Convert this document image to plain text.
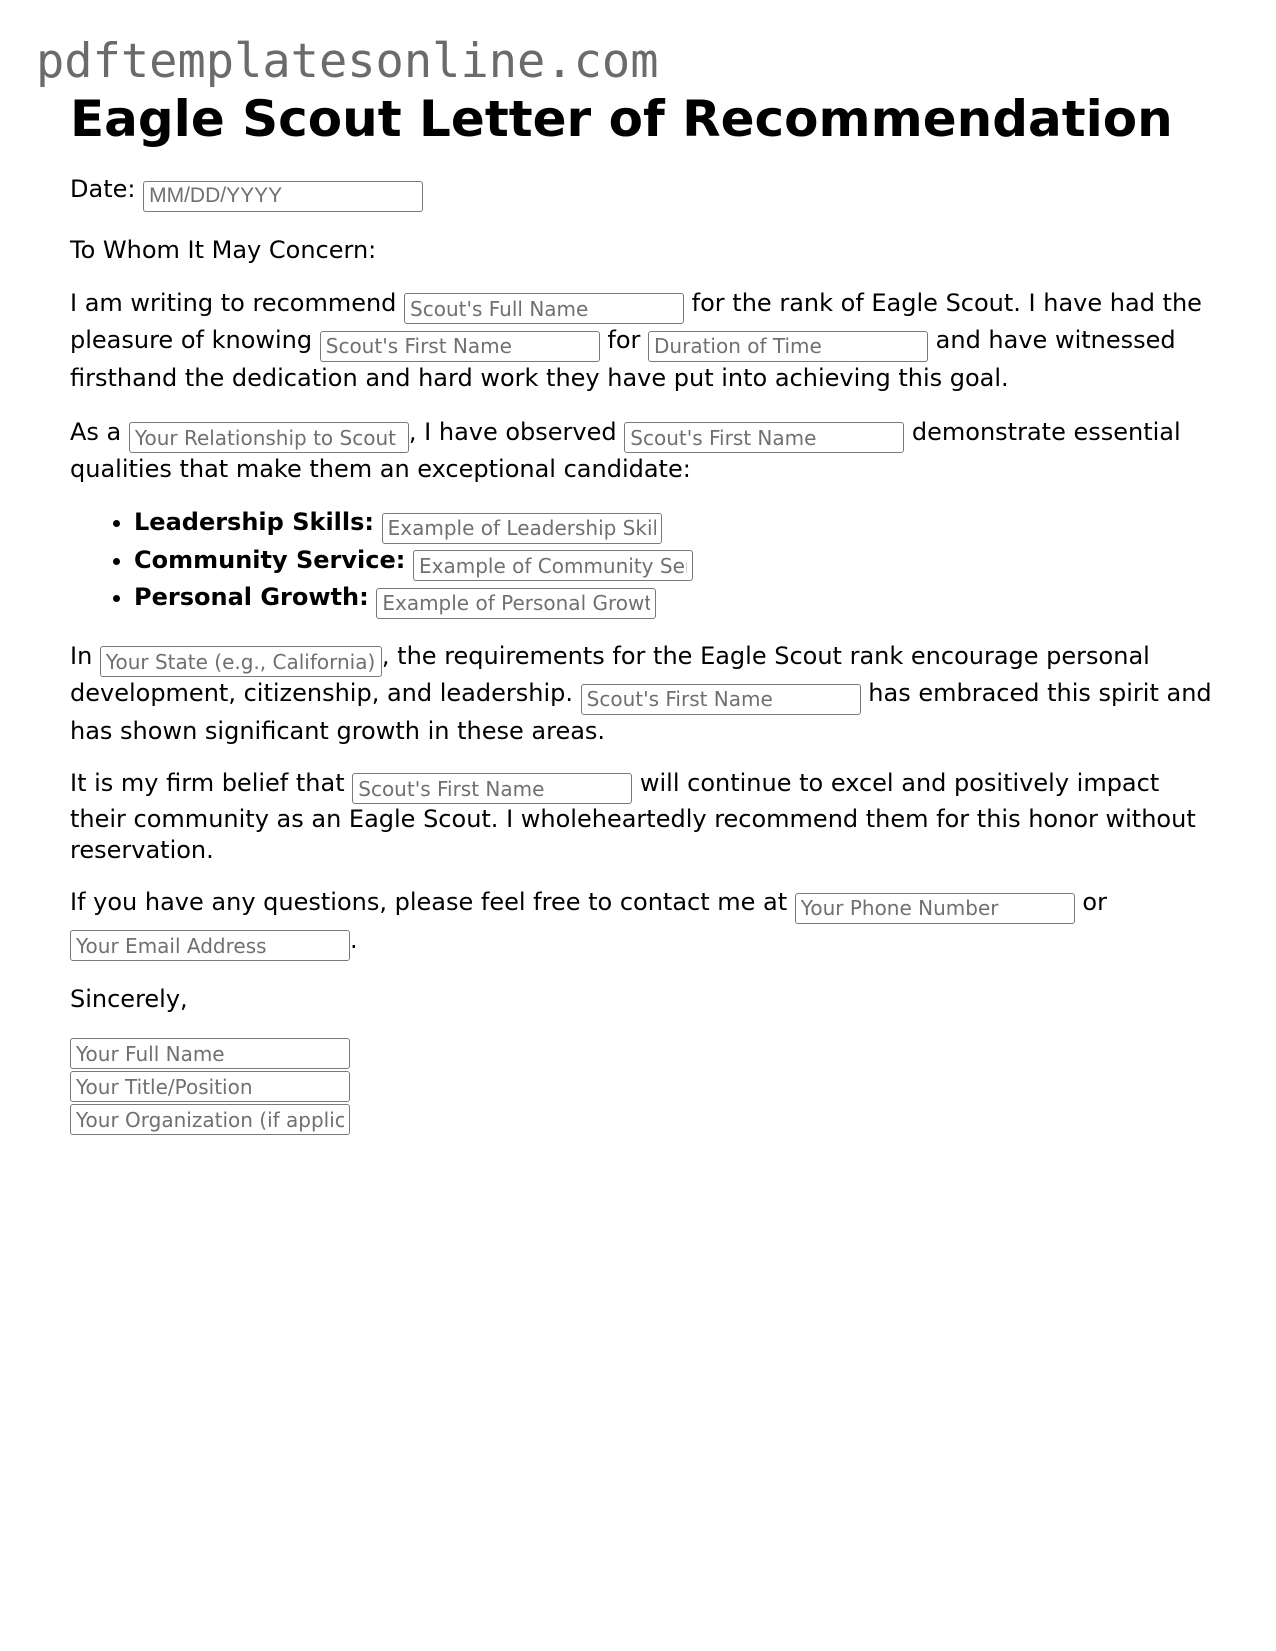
pdftemplatesonline.com
Eagle Scout Letter of Recommendation

Date: MM/DD/YYYY

To Whom It May Concern:

I am writing to recommend Scout's Full Name	for the rank of Eagle Scout. I have had the pleasure of knowing Scout's First Name	for Duration of Time	and have witnessed firsthand the dedication and hard work they have put into achieving this goal.

As a Your Relationship to Scout	, I have observed Scout's First Name	demonstrate essential qualities that make them an exceptional candidate:

• Leadership Skills: Example of Leadership Skills
• Community Service: Example of Community Service
• Personal Growth: Example of Personal Growth

In Your State (e.g., California)	, the requirements for the Eagle Scout rank encourage personal development, citizenship, and leadership. Scout's First Name	has embraced this spirit and has shown significant growth in these areas.

It is my firm belief that Scout's First Name	will continue to excel and positively impact their community as an Eagle Scout. I wholeheartedly recommend them for this honor without reservation.

If you have any questions, please feel free to contact me at Your Phone Number	or Your Email Address.

Sincerely,

Your Full Name
Your Title/Position
Your Organization (if applicable)
